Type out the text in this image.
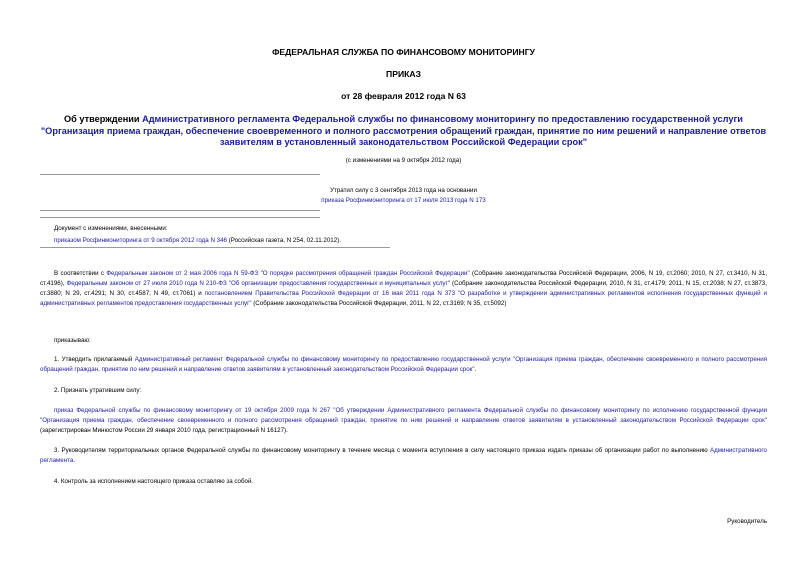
ФЕДЕРАЛЬНАЯ СЛУЖБА ПО ФИНАНСОВОМУ МОНИТОРИНГУ
ПРИКАЗ
от 28 февраля 2012 года N 63
Об утверждении Административного регламента Федеральной службы по финансовому мониторингу по предоставлению государственной услуги "Организация приема граждан, обеспечение своевременного и полного рассмотрения обращений граждан, принятие по ним решений и направление ответов заявителям в установленный законодательством Российской Федерации срок"
(с изменениями на 9 октября 2012 года)
Утратил силу с 3 сентября 2013 года на основании
приказа Росфинмониторинга от 17 июля 2013 года N 173
Документ с изменениями, внесенными:
приказом Росфинмониторинга от 9 октября 2012 года N 346 (Российская газета, N 254, 02.11.2012).
В соответствии с Федеральным законом от 2 мая 2006 года N 59-ФЗ "О порядке рассмотрения обращений граждан Российской Федерации" (Собрание законодательства Российской Федерации, 2006, N 19, ст.2060; 2010, N 27, ст.3410, N 31, ст.4196), Федеральным законом от 27 июля 2010 года N 210-ФЗ "Об организации предоставления государственных и муниципальных услуг" (Собрание законодательства Российской Федерации, 2010, N 31, ст.4179; 2011, N 15, ст.2038; N 27, ст.3873, ст.3880; N 29, ст.4291; N 30, ст.4587; N 49, ст.7061) и постановлением Правительства Российской Федерации от 16 мая 2011 года N 373 "О разработке и утверждении административных регламентов исполнения государственных функций и административных регламентов предоставления государственных услуг" (Собрание законодательства Российской Федерации, 2011, N 22, ст.3169; N 35, ст.5092)
приказываю:
1. Утвердить прилагаемый Административный регламент Федеральной службы по финансовому мониторингу по предоставлению государственной услуги "Организация приема граждан, обеспечение своевременного и полного рассмотрения обращений граждан, принятие по ним решений и направление ответов заявителям в установленный законодательством Российской Федерации срок".
2. Признать утратившим силу:
приказ Федеральной службы по финансовому мониторингу от 19 октября 2009 года N 267 "Об утверждении Административного регламента Федеральной службы по финансовому мониторингу по исполнению государственной функции "Организация приема граждан, обеспечение своевременного и полного рассмотрения обращений граждан, принятие по ним решений и направление ответов заявителям в установленный законодательством Российской Федерации срок" (зарегистрирован Минюстом России 29 января 2010 года, регистрационный N 16127).
3. Руководителям территориальных органов Федеральной службы по финансовому мониторингу в течение месяца с момента вступления в силу настоящего приказа издать приказы об организации работ по выполнению Административного регламента.
4. Контроль за исполнением настоящего приказа оставляю за собой.
Руководитель
